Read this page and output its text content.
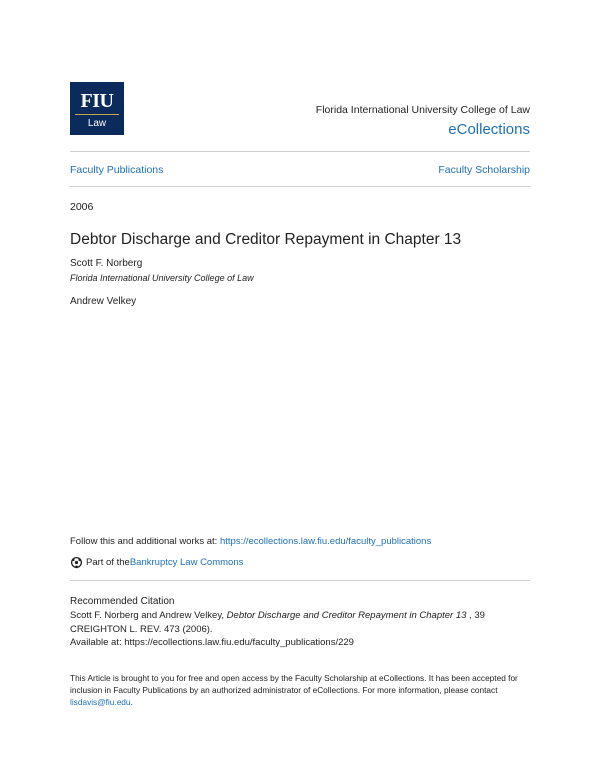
FIU
Law
Florida International University College of Law
eCollections
Faculty Publications	Faculty Scholarship
2006
Debtor Discharge and Creditor Repayment in Chapter 13
Scott F. Norberg
Florida International University College of Law
Andrew Velkey
Follow this and additional works at: https://ecollections.law.fiu.edu/faculty_publications
Part of the Bankruptcy Law Commons
Recommended Citation
Scott F. Norberg and Andrew Velkey, Debtor Discharge and Creditor Repayment in Chapter 13 , 39 CREIGHTON L. REV. 473 (2006).
Available at: https://ecollections.law.fiu.edu/faculty_publications/229
This Article is brought to you for free and open access by the Faculty Scholarship at eCollections. It has been accepted for inclusion in Faculty Publications by an authorized administrator of eCollections. For more information, please contact lisdavis@fiu.edu.
